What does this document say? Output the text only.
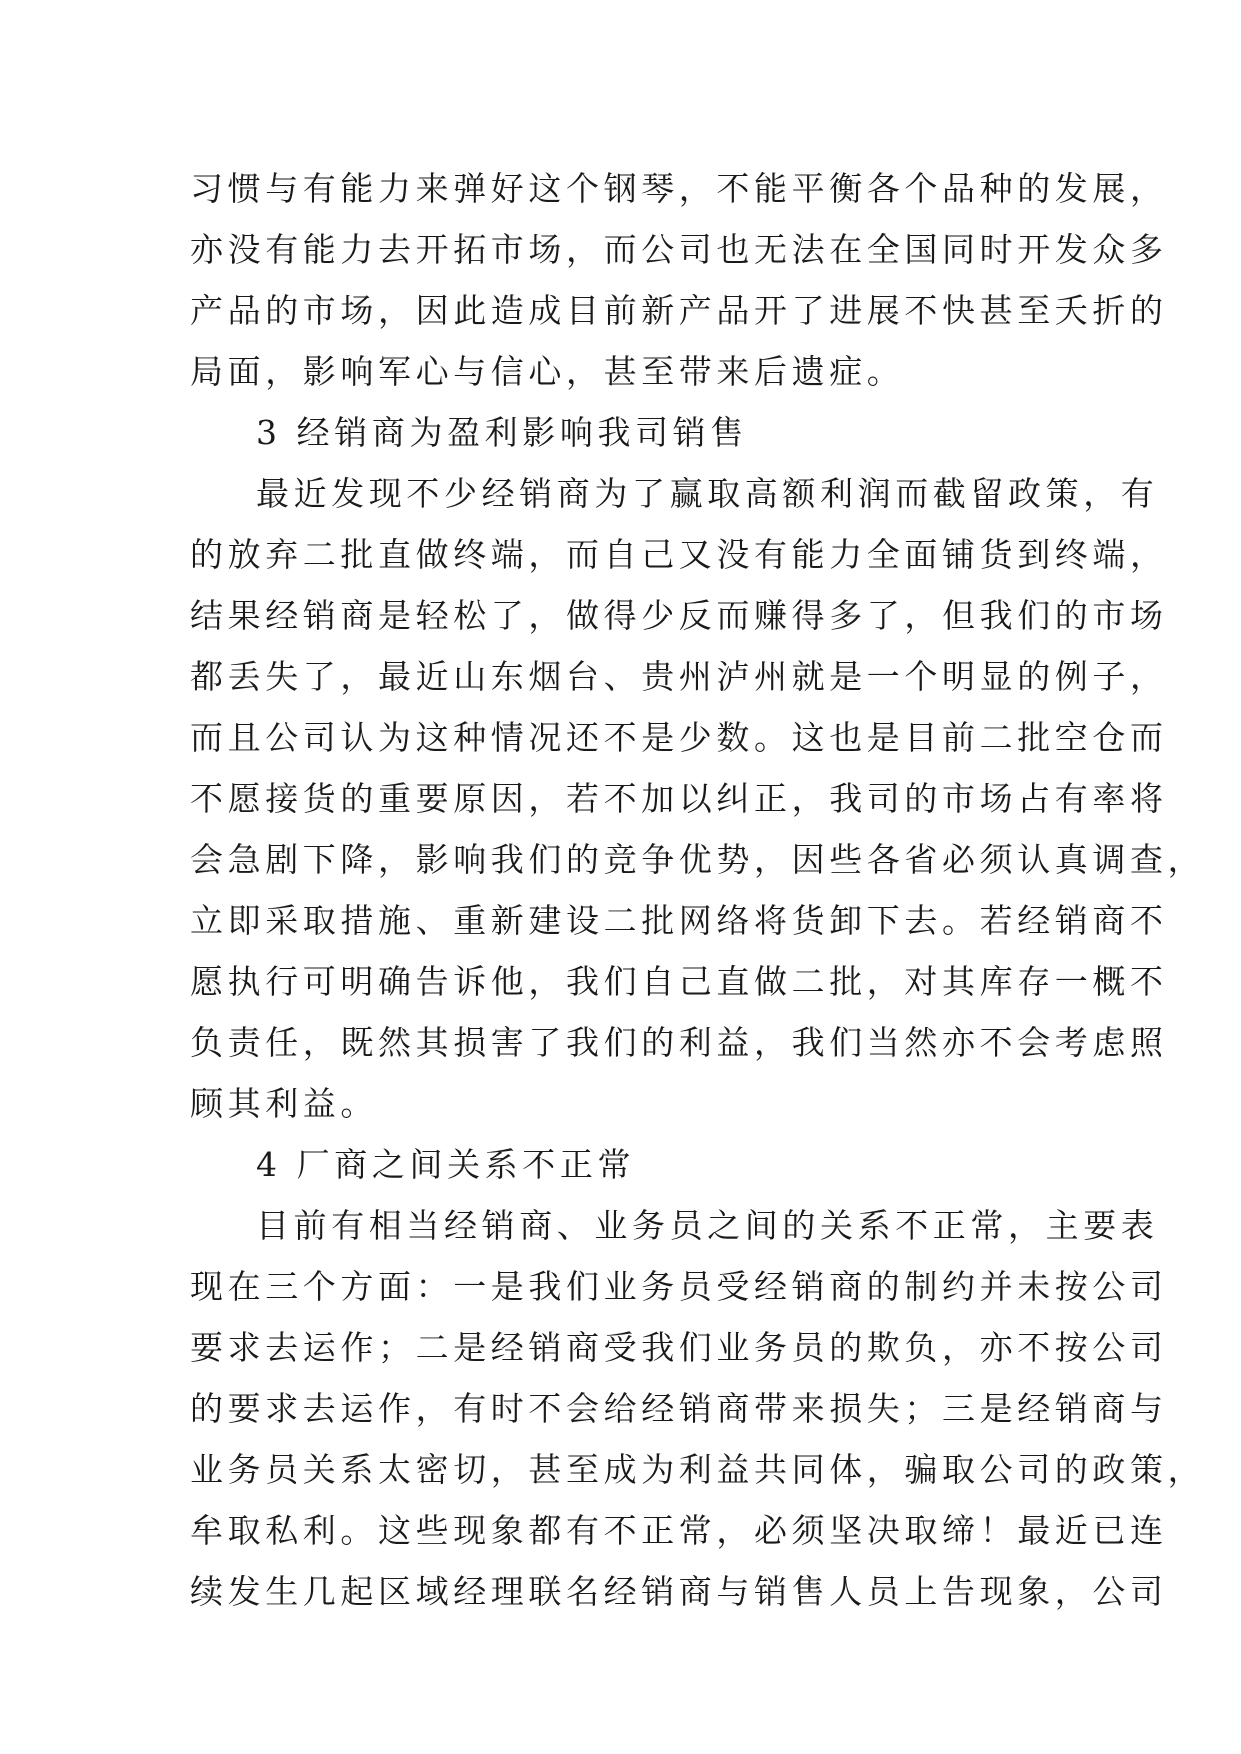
习惯与有能力来弹好这个钢琴，不能平衡各个品种的发展，
亦没有能力去开拓市场，而公司也无法在全国同时开发众多
产品的市场，因此造成目前新产品开了进展不快甚至夭折的
局面，影响军心与信心，甚至带来后遗症。
3 经销商为盈利影响我司销售
最近发现不少经销商为了赢取高额利润而截留政策，有
的放弃二批直做终端，而自己又没有能力全面铺货到终端，
结果经销商是轻松了，做得少反而赚得多了，但我们的市场
都丢失了，最近山东烟台、贵州泸州就是一个明显的例子，
而且公司认为这种情况还不是少数。这也是目前二批空仓而
不愿接货的重要原因，若不加以纠正，我司的市场占有率将
会急剧下降，影响我们的竞争优势，因些各省必须认真调查，
立即采取措施、重新建设二批网络将货卸下去。若经销商不
愿执行可明确告诉他，我们自己直做二批，对其库存一概不
负责任，既然其损害了我们的利益，我们当然亦不会考虑照
顾其利益。
4 厂商之间关系不正常
目前有相当经销商、业务员之间的关系不正常，主要表
现在三个方面：一是我们业务员受经销商的制约并未按公司
要求去运作；二是经销商受我们业务员的欺负，亦不按公司
的要求去运作，有时不会给经销商带来损失；三是经销商与
业务员关系太密切，甚至成为利益共同体，骗取公司的政策，
牟取私利。这些现象都有不正常，必须坚决取缔！最近已连
续发生几起区域经理联名经销商与销售人员上告现象，公司
